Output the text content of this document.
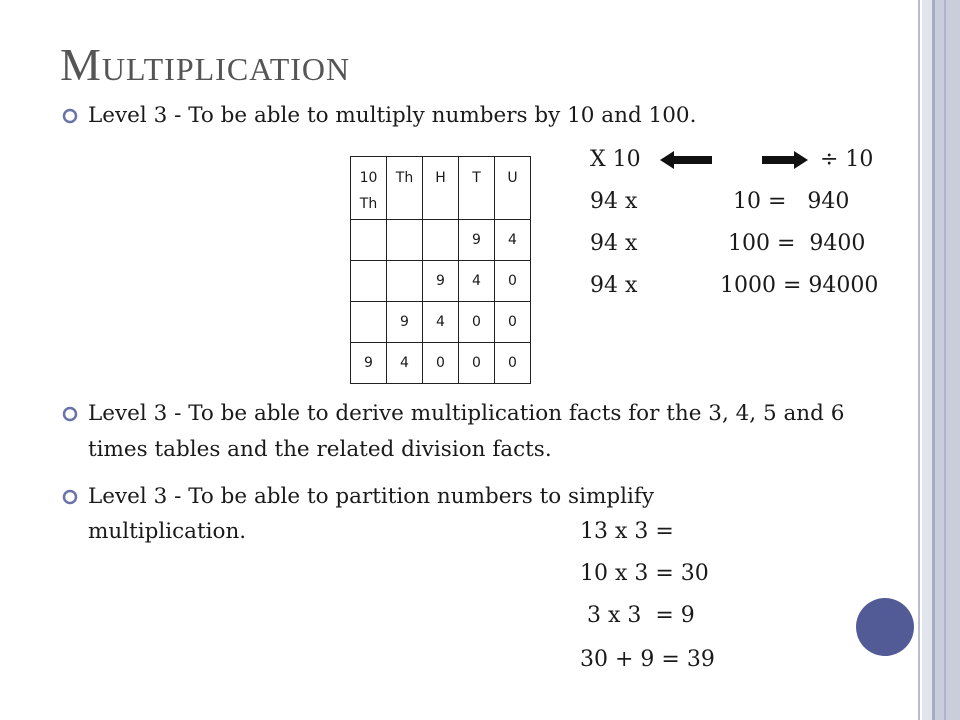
Multiplication

Level 3 - To be able to multiply numbers by 10 and 100.

X 10	÷ 10
94 x	10 =   940
94 x	100 =  9400
94 x	1000 = 94000
10
Th	Th	H	T	U
			9	4
		9	4	0
	9	4	0	0
9	4	0	0	0

Level 3 - To be able to derive multiplication facts for the 3, 4, 5 and 6 times tables and the related division facts.

Level 3 - To be able to partition numbers to simplify

multiplication.	13 x 3 =
10 x 3 = 30
3 x 3  = 9
30 + 9 = 39
